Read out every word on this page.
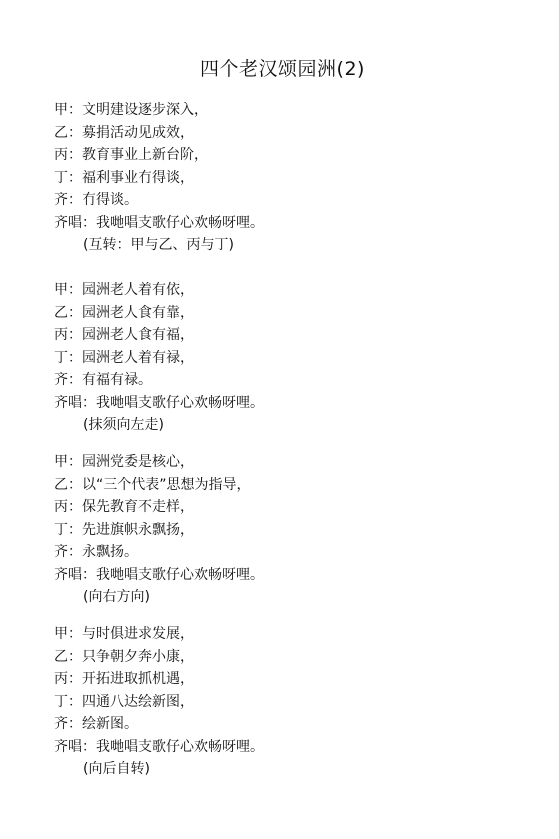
四个老汉颂园洲(2)
甲：文明建设逐步深入，
乙：募捐活动见成效，
丙：教育事业上新台阶，
丁：福利事业冇得谈，
齐：冇得谈。
齐唱：我哋唱支歌仔心欢畅呀哩。
(互转：甲与乙、丙与丁)
甲：园洲老人着有依，
乙：园洲老人食有靠，
丙：园洲老人食有福，
丁：园洲老人着有禄，
齐：有福有禄。
齐唱：我哋唱支歌仔心欢畅呀哩。
(抹须向左走)
甲：园洲党委是核心，
乙：以“三个代表”思想为指导，
丙：保先教育不走样，
丁：先进旗帜永飘扬，
齐：永飘扬。
齐唱：我哋唱支歌仔心欢畅呀哩。
(向右方向)
甲：与时俱进求发展，
乙：只争朝夕奔小康，
丙：开拓进取抓机遇，
丁：四通八达绘新图，
齐：绘新图。
齐唱：我哋唱支歌仔心欢畅呀哩。
(向后自转)
